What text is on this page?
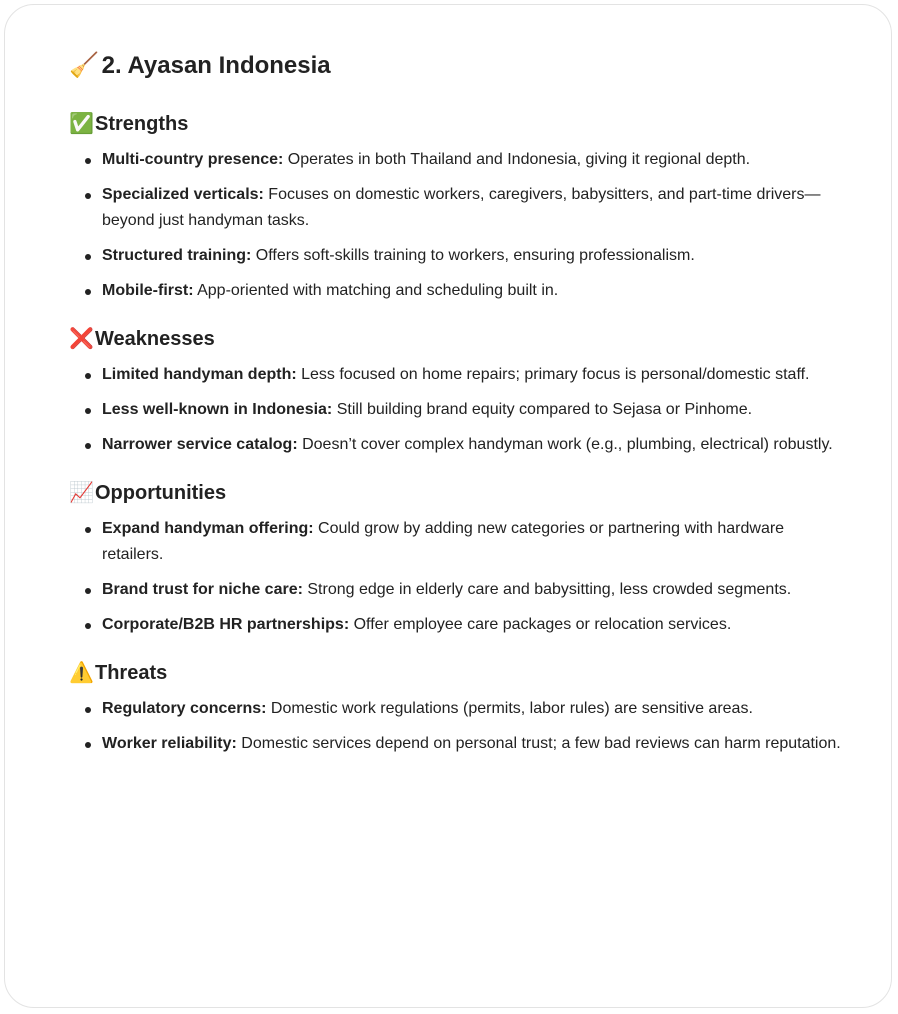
🧹 2. Ayasan Indonesia
✅Strengths
Multi-country presence: Operates in both Thailand and Indonesia, giving it regional depth.
Specialized verticals: Focuses on domestic workers, caregivers, babysitters, and part-time drivers—beyond just handyman tasks.
Structured training: Offers soft-skills training to workers, ensuring professionalism.
Mobile-first: App-oriented with matching and scheduling built in.
❌Weaknesses
Limited handyman depth: Less focused on home repairs; primary focus is personal/domestic staff.
Less well-known in Indonesia: Still building brand equity compared to Sejasa or Pinhome.
Narrower service catalog: Doesn’t cover complex handyman work (e.g., plumbing, electrical) robustly.
📈Opportunities
Expand handyman offering: Could grow by adding new categories or partnering with hardware retailers.
Brand trust for niche care: Strong edge in elderly care and babysitting, less crowded segments.
Corporate/B2B HR partnerships: Offer employee care packages or relocation services.
⚠️Threats
Regulatory concerns: Domestic work regulations (permits, labor rules) are sensitive areas.
Worker reliability: Domestic services depend on personal trust; a few bad reviews can harm reputation.
